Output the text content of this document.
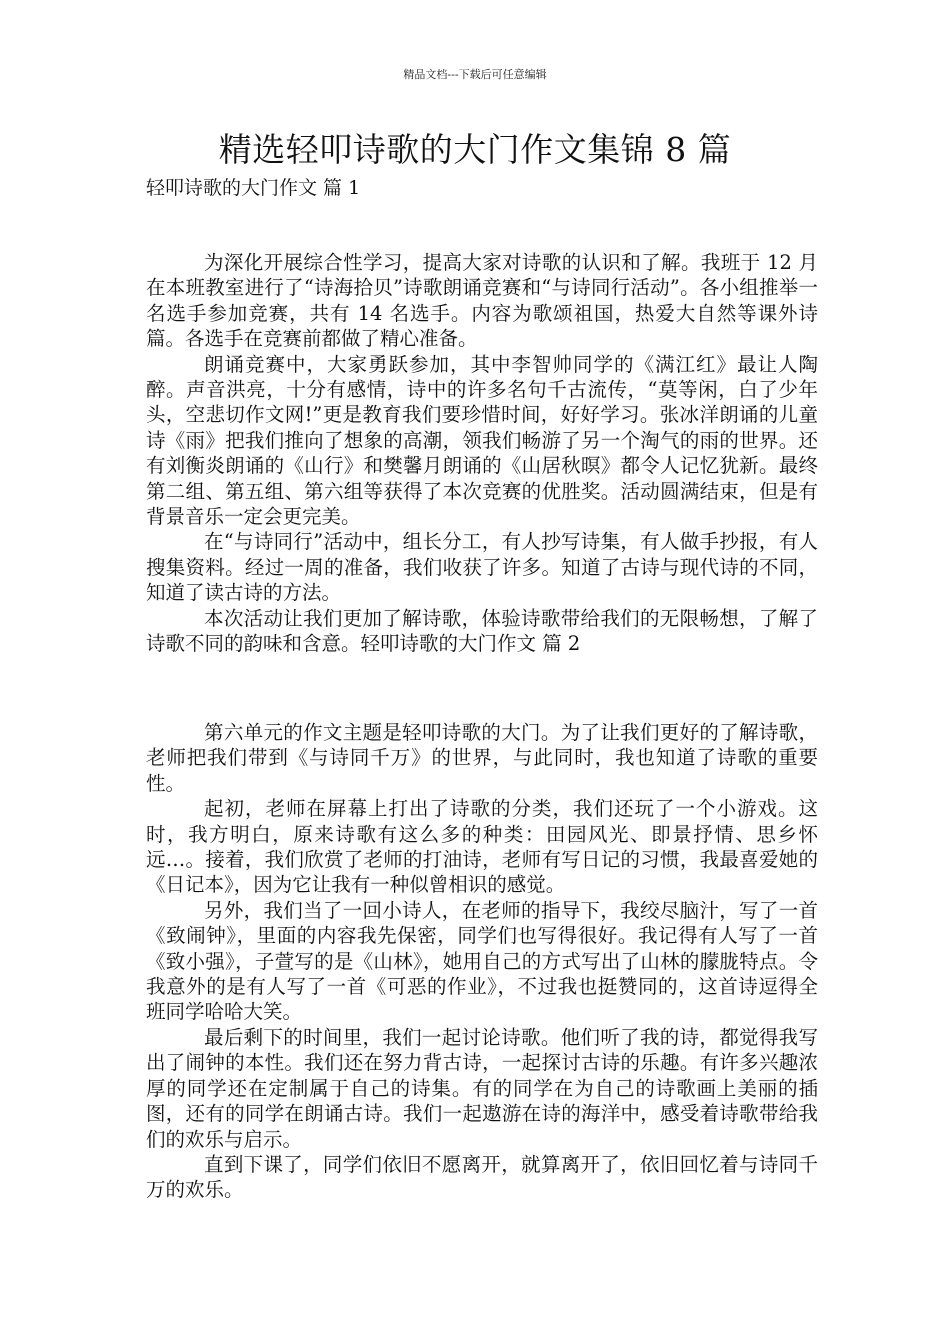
精品文档---下载后可任意编辑
精选轻叩诗歌的大门作文集锦 8 篇
轻叩诗歌的大门作文 篇 1

为深化开展综合性学习，提高大家对诗歌的认识和了解。我班于 12 月在本班教室进行了“诗海拾贝”诗歌朗诵竞赛和“与诗同行活动”。各小组推举一名选手参加竞赛，共有 14 名选手。内容为歌颂祖国，热爱大自然等课外诗篇。各选手在竞赛前都做了精心准备。

朗诵竞赛中，大家勇跃参加，其中李智帅同学的《满江红》最让人陶醉。声音洪亮，十分有感情，诗中的许多名句千古流传，“莫等闲，白了少年头，空悲切作文网!”更是教育我们要珍惜时间，好好学习。张冰洋朗诵的儿童诗《雨》把我们推向了想象的高潮，领我们畅游了另一个淘气的雨的世界。还有刘衡炎朗诵的《山行》和樊馨月朗诵的《山居秋暝》都令人记忆犹新。最终第二组、第五组、第六组等获得了本次竞赛的优胜奖。活动圆满结束，但是有背景音乐一定会更完美。

在“与诗同行”活动中，组长分工，有人抄写诗集，有人做手抄报，有人搜集资料。经过一周的准备，我们收获了许多。知道了古诗与现代诗的不同，知道了读古诗的方法。

本次活动让我们更加了解诗歌，体验诗歌带给我们的无限畅想，了解了诗歌不同的韵味和含意。轻叩诗歌的大门作文 篇 2

第六单元的作文主题是轻叩诗歌的大门。为了让我们更好的了解诗歌，老师把我们带到《与诗同千万》的世界，与此同时，我也知道了诗歌的重要性。

起初，老师在屏幕上打出了诗歌的分类，我们还玩了一个小游戏。这时，我方明白，原来诗歌有这么多的种类：田园风光、即景抒情、思乡怀远…。接着，我们欣赏了老师的打油诗，老师有写日记的习惯，我最喜爱她的《日记本》，因为它让我有一种似曾相识的感觉。

另外，我们当了一回小诗人，在老师的指导下，我绞尽脑汁，写了一首《致闹钟》，里面的内容我先保密，同学们也写得很好。我记得有人写了一首《致小强》，子萱写的是《山林》，她用自己的方式写出了山林的朦胧特点。令我意外的是有人写了一首《可恶的作业》，不过我也挺赞同的，这首诗逗得全班同学哈哈大笑。

最后剩下的时间里，我们一起讨论诗歌。他们听了我的诗，都觉得我写出了闹钟的本性。我们还在努力背古诗，一起探讨古诗的乐趣。有许多兴趣浓厚的同学还在定制属于自己的诗集。有的同学在为自己的诗歌画上美丽的插图，还有的同学在朗诵古诗。我们一起遨游在诗的海洋中，感受着诗歌带给我们的欢乐与启示。

直到下课了，同学们依旧不愿离开，就算离开了，依旧回忆着与诗同千万的欢乐。
